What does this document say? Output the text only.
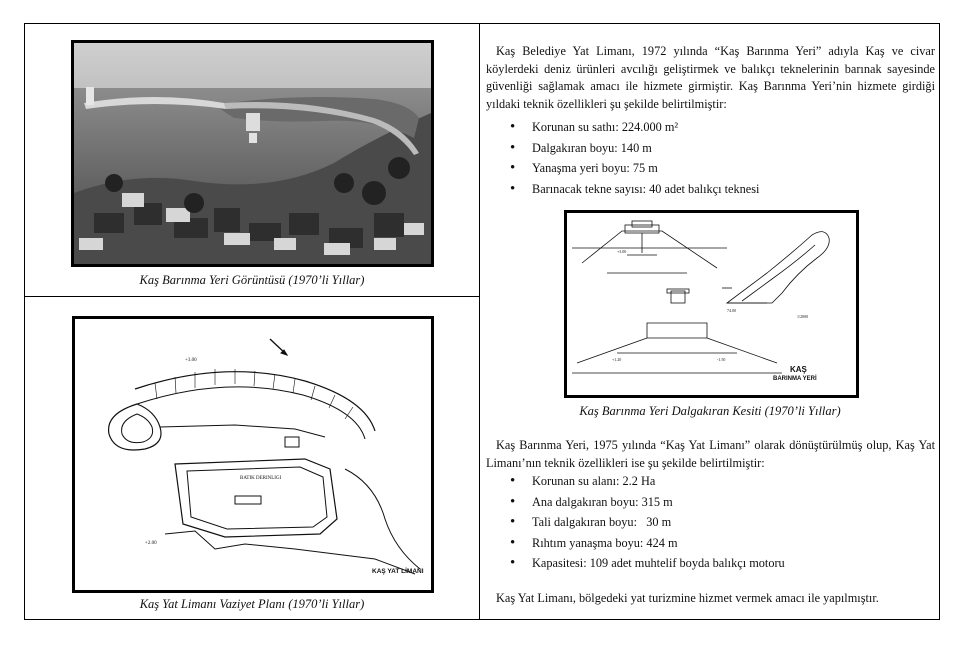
Kaş Barınma Yeri Görüntüsü (1970’li Yıllar)
BATIK DERINLIGI
+2.00
+3.00
KAŞ YAT LİMANI
Kaş Yat Limanı Vaziyet Planı (1970’li Yıllar)

Kaş Belediye Yat Limanı, 1972 yılında “Kaş Barınma Yeri” adıyla Kaş ve civar köylerdeki deniz ürünleri avcılığı geliştirmek ve balıkçı teknelerinin barınak sayesinde güvenliği sağlamak amacı ile hizmete girmiştir. Kaş Barınma Yeri’nin hizmete girdiği yıldaki teknik özellikleri şu şekilde belirtilmiştir:

• Korunan su sathı: 224.000 m²
• Dalgakıran boyu: 140 m
• Yanaşma yeri boyu: 75 m
• Barınacak tekne sayısı: 40 adet balıkçı teknesi
+3.00
74.00
1/2000
+1.20	-1.50
KAŞ
BARINMA YERİ
Kaş Barınma Yeri Dalgakıran Kesiti (1970’li Yıllar)

Kaş Barınma Yeri, 1975 yılında “Kaş Yat Limanı” olarak dönüştürülmüş olup, Kaş Yat Limanı’nın teknik özellikleri ise şu şekilde belirtilmiştir:

• Korunan su alanı: 2.2 Ha
• Ana dalgakıran boyu: 315 m
• Tali dalgakıran boyu:   30 m
• Rıhtım yanaşma boyu: 424 m
• Kapasitesi: 109 adet muhtelif boyda balıkçı motoru

Kaş Yat Limanı, bölgedeki yat turizmine hizmet vermek amacı ile yapılmıştır.
